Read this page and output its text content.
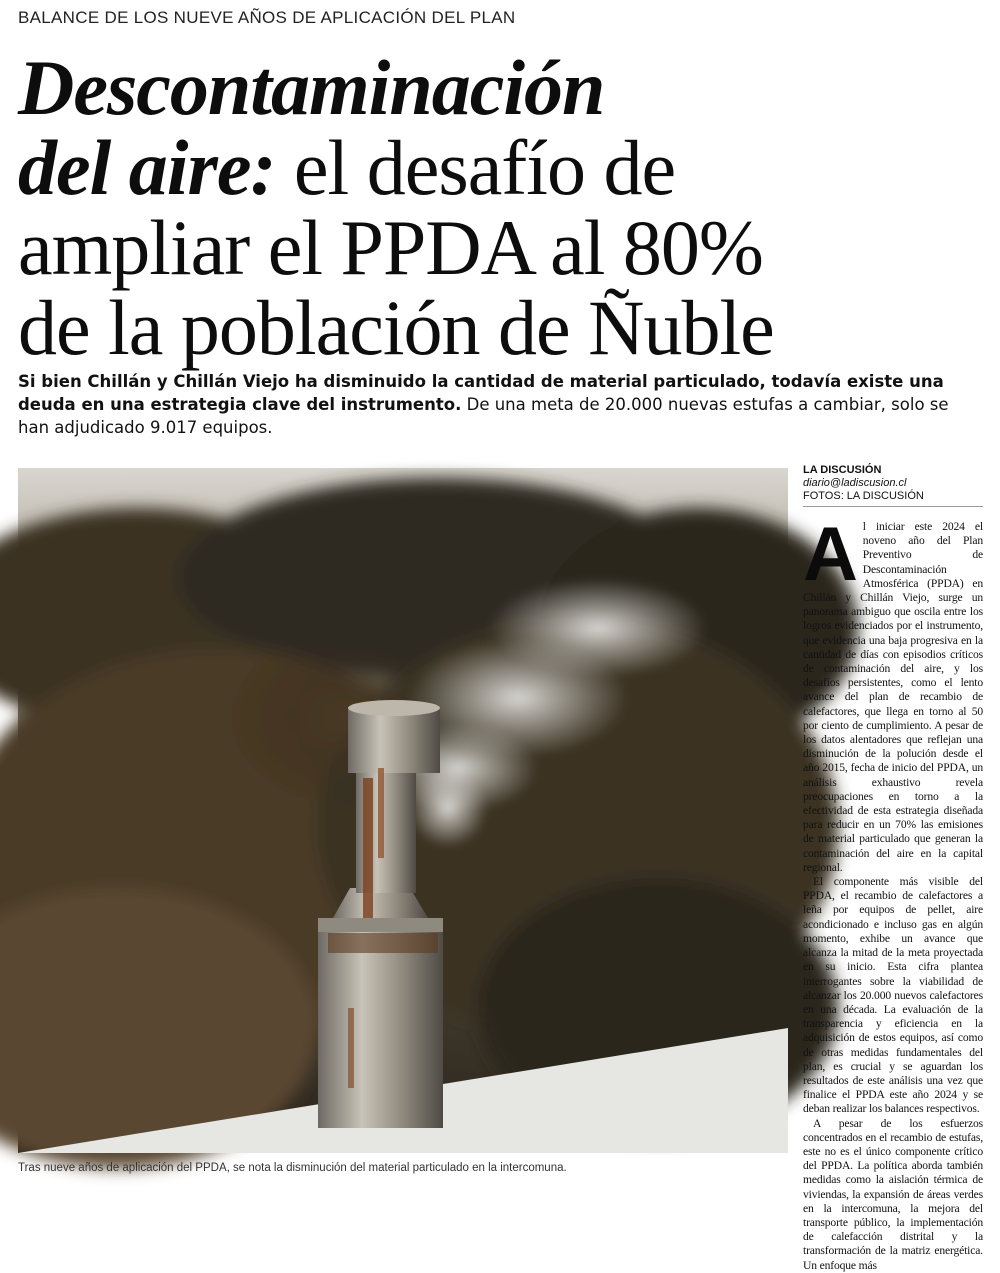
BALANCE DE LOS NUEVE AÑOS DE APLICACIÓN DEL PLAN
Descontaminación
del aire: el desafío de
ampliar el PPDA al 80%
de la población de Ñuble

Si bien Chillán y Chillán Viejo ha disminuido la cantidad de material particulado, todavía existe una deuda en una estrategia clave del instrumento. De una meta de 20.000 nuevas estufas a cambiar, solo se han adjudicado 9.017 equipos.

Tras nueve años de aplicación del PPDA, se nota la disminución del material particulado en la intercomuna.
LA DISCUSIÓN
diario@ladiscusion.cl
FOTOS: LA DISCUSIÓN

Al iniciar este 2024 el noveno año del Plan Preventivo de Descontaminación Atmosférica (PPDA) en Chillán y Chillán Viejo, surge un panorama ambiguo que oscila entre los logros evidenciados por el instrumento, que evidencia una baja progresiva en la cantidad de días con episodios críticos de contaminación del aire, y los desafíos persistentes, como el lento avance del plan de recambio de calefactores, que llega en torno al 50 por ciento de cumplimiento. A pesar de los datos alentadores que reflejan una disminución de la polución desde el año 2015, fecha de inicio del PPDA, un análisis exhaustivo revela preocupaciones en torno a la efectividad de esta estrategia diseñada para reducir en un 70% las emisiones de material particulado que generan la contaminación del aire en la capital regional.

El componente más visible del PPDA, el recambio de calefactores a leña por equipos de pellet, aire acondicionado e incluso gas en algún momento, exhibe un avance que alcanza la mitad de la meta proyectada en su inicio. Esta cifra plantea interrogantes sobre la viabilidad de alcanzar los 20.000 nuevos calefactores en una década. La evaluación de la transparencia y eficiencia en la adquisición de estos equipos, así como de otras medidas fundamentales del plan, es crucial y se aguardan los resultados de este análisis una vez que finalice el PPDA este año 2024 y se deban realizar los balances respectivos.

A pesar de los esfuerzos concentrados en el recambio de estufas, este no es el único componente crítico del PPDA. La política aborda también medidas como la aislación térmica de viviendas, la expansión de áreas verdes en la intercomuna, la mejora del transporte público, la implementación de calefacción distrital y la transformación de la matriz energética. Un enfoque más
